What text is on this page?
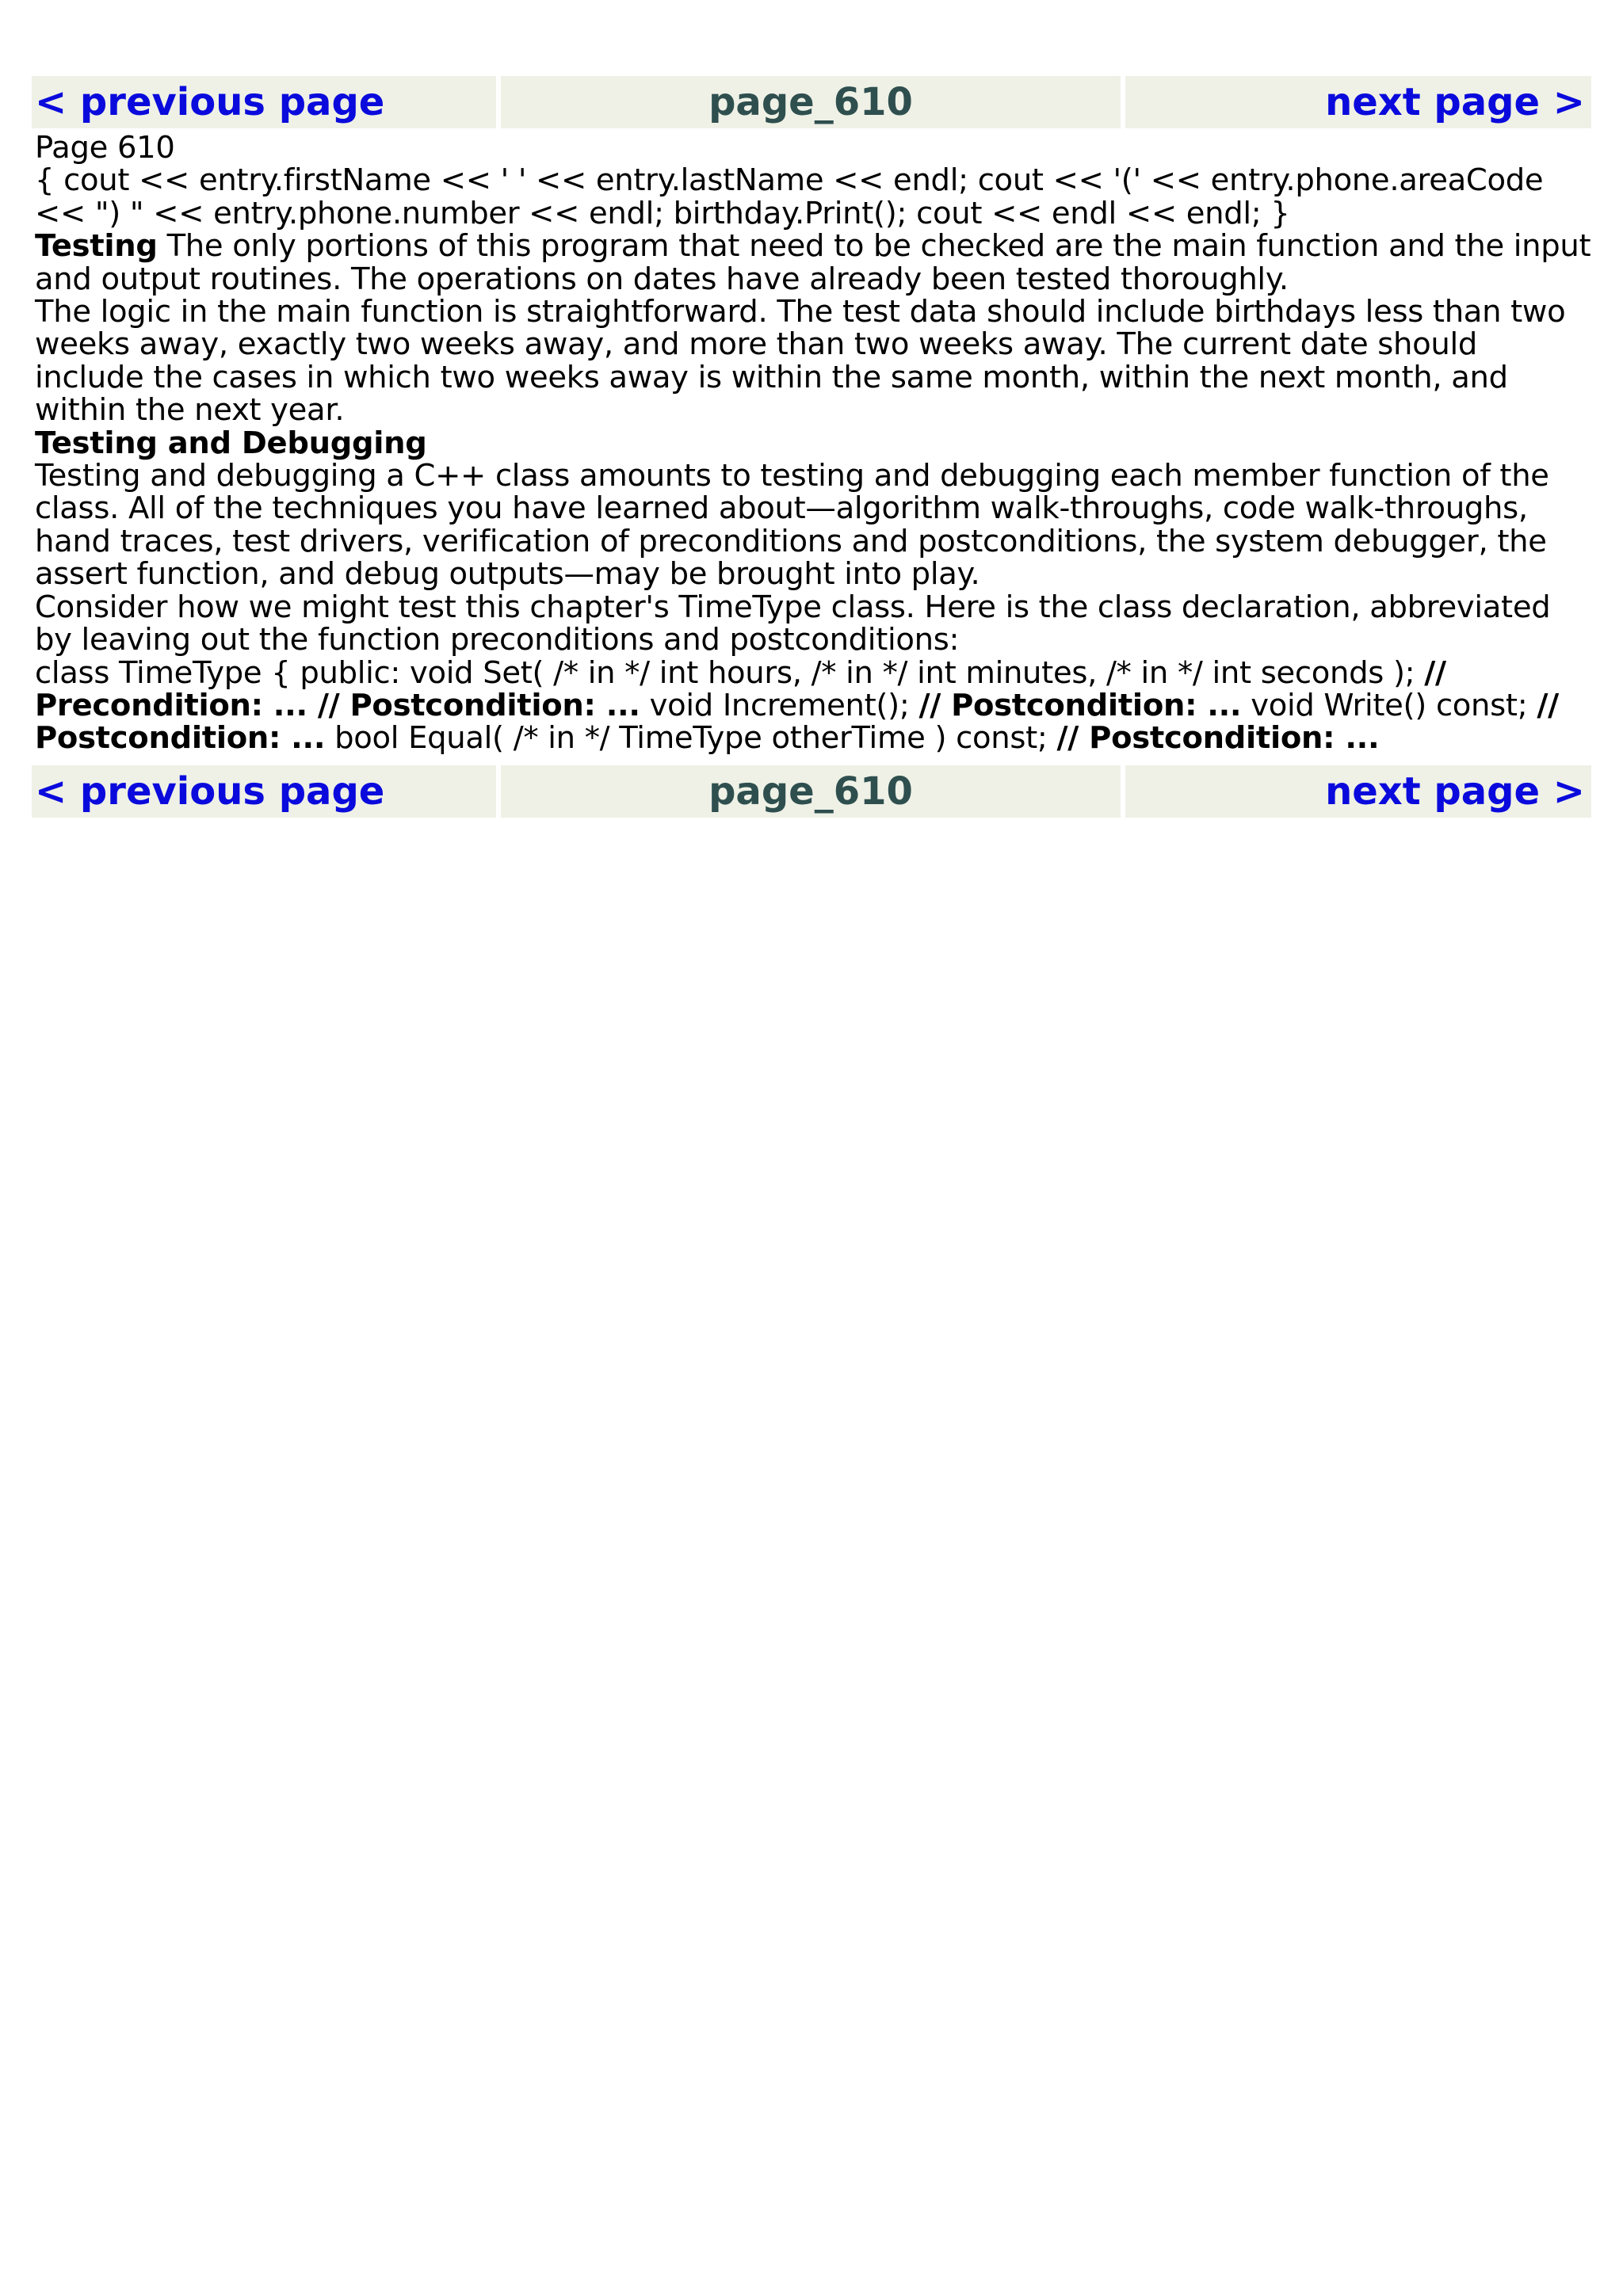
< previous page	page_610	next page >

Page 610

{ cout << entry.firstName << ' ' << entry.lastName << endl; cout << '(' << entry.phone.areaCode << ") " << entry.phone.number << endl; birthday.Print(); cout << endl << endl; }

Testing The only portions of this program that need to be checked are the main function and the input and output routines. The operations on dates have already been tested thoroughly.

The logic in the main function is straightforward. The test data should include birthdays less than two weeks away, exactly two weeks away, and more than two weeks away. The current date should include the cases in which two weeks away is within the same month, within the next month, and within the next year.

Testing and Debugging

Testing and debugging a C++ class amounts to testing and debugging each member function of the class. All of the techniques you have learned about—algorithm walk-throughs, code walk-throughs, hand traces, test drivers, verification of preconditions and postconditions, the system debugger, the assert function, and debug outputs—may be brought into play.

Consider how we might test this chapter's TimeType class. Here is the class declaration, abbreviated by leaving out the function preconditions and postconditions:

class TimeType { public: void Set( /* in */ int hours, /* in */ int minutes, /* in */ int seconds ); // Precondition: ... // Postcondition: ... void Increment(); // Postcondition: ... void Write() const; // Postcondition: ... bool Equal( /* in */ TimeType otherTime ) const; // Postcondition: ...

< previous page	page_610	next page >
